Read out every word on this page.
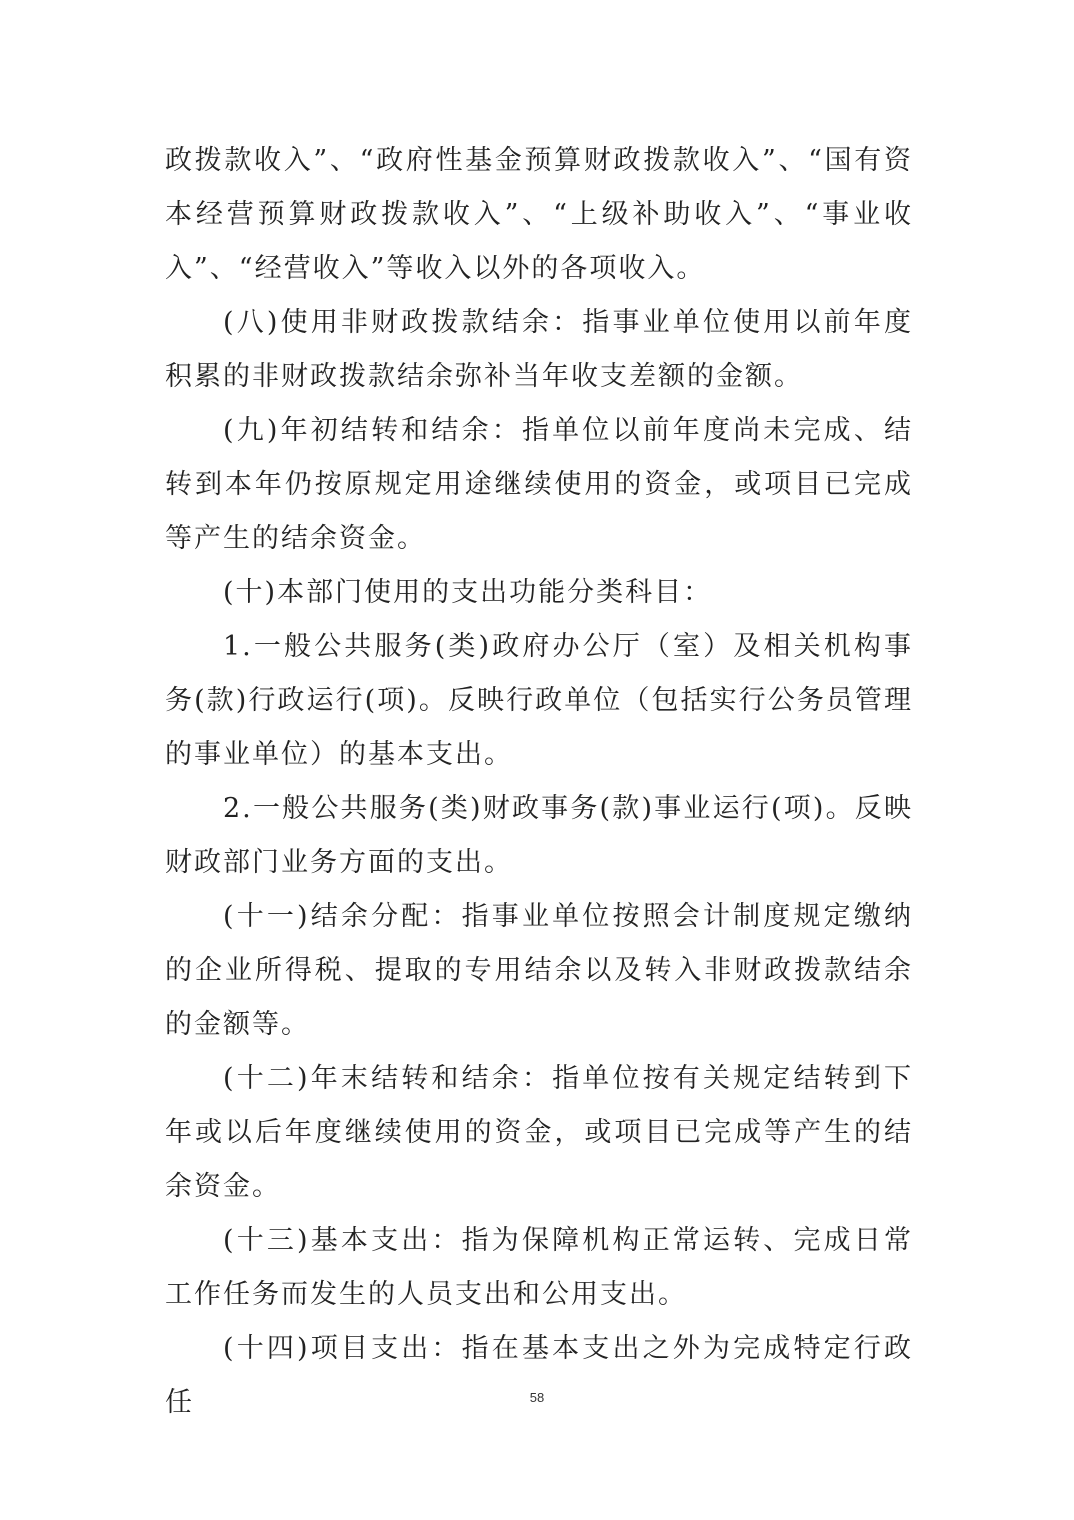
政拨款收入”、“政府性基金预算财政拨款收入”、“国有资本经营预算财政拨款收入”、“上级补助收入”、“事业收入”、“经营收入”等收入以外的各项收入。

(八)使用非财政拨款结余：指事业单位使用以前年度积累的非财政拨款结余弥补当年收支差额的金额。

(九)年初结转和结余：指单位以前年度尚未完成、结转到本年仍按原规定用途继续使用的资金，或项目已完成等产生的结余资金。

(十)本部门使用的支出功能分类科目：

1.一般公共服务(类)政府办公厅（室）及相关机构事务(款)行政运行(项)。反映行政单位（包括实行公务员管理的事业单位）的基本支出。

2.一般公共服务(类)财政事务(款)事业运行(项)。反映财政部门业务方面的支出。

(十一)结余分配：指事业单位按照会计制度规定缴纳的企业所得税、提取的专用结余以及转入非财政拨款结余的金额等。

(十二)年末结转和结余：指单位按有关规定结转到下年或以后年度继续使用的资金，或项目已完成等产生的结余资金。

(十三)基本支出：指为保障机构正常运转、完成日常工作任务而发生的人员支出和公用支出。

(十四)项目支出：指在基本支出之外为完成特定行政任	58
